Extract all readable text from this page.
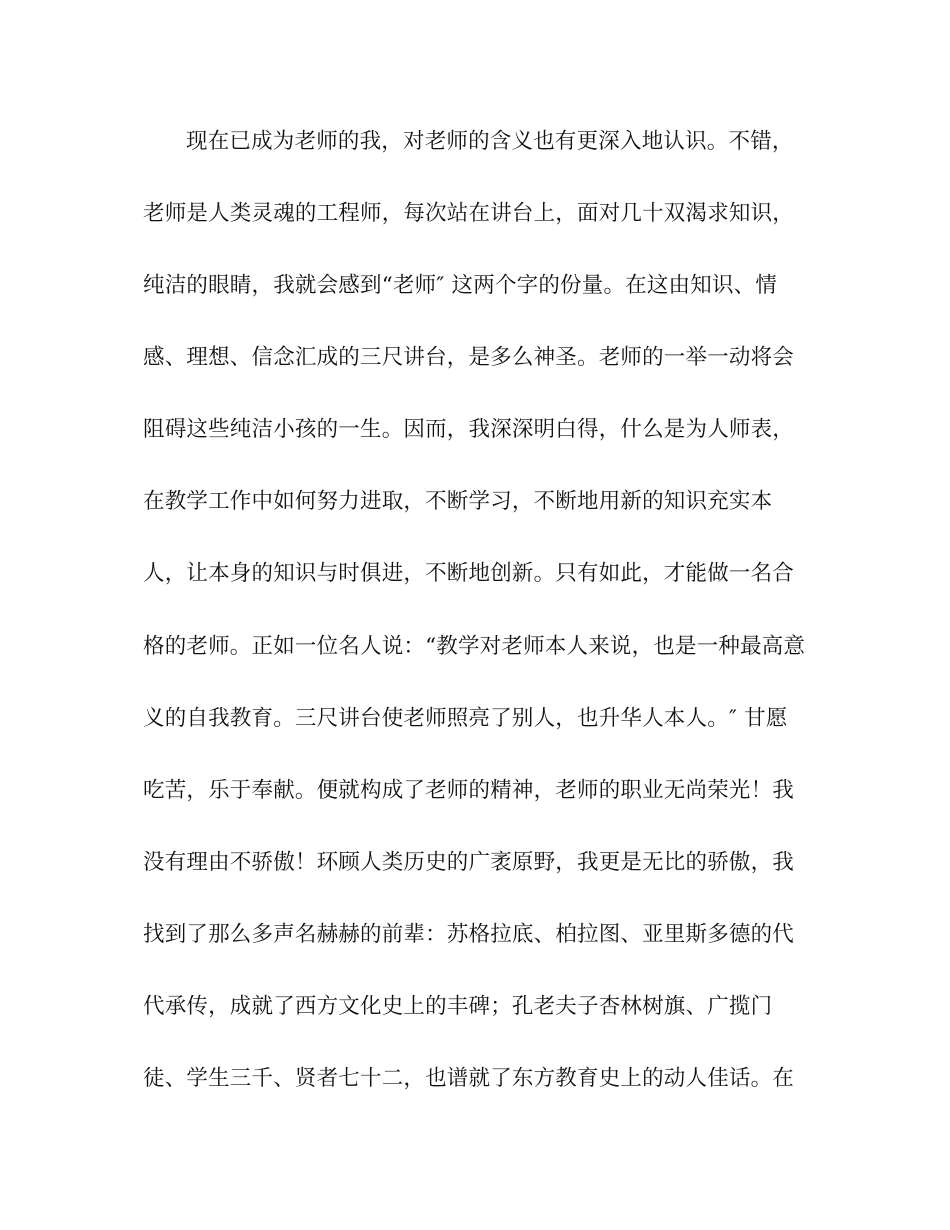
现在已成为老师的我，对老师的含义也有更深入地认识。不错，
老师是人类灵魂的工程师，每次站在讲台上，面对几十双渴求知识，
纯洁的眼睛，我就会感到“老师″ 这两个字的份量。在这由知识、情
感、理想、信念汇成的三尺讲台，是多么神圣。老师的一举一动将会
阻碍这些纯洁小孩的一生。因而，我深深明白得，什么是为人师表，
在教学工作中如何努力进取，不断学习，不断地用新的知识充实本
人，让本身的知识与时俱进，不断地创新。只有如此，才能做一名合
格的老师。正如一位名人说：“教学对老师本人来说，也是一种最高意
义的自我教育。三尺讲台使老师照亮了别人，也升华人本人。″ 甘愿
吃苦，乐于奉献。便就构成了老师的精神，老师的职业无尚荣光！我
没有理由不骄傲！环顾人类历史的广袤原野，我更是无比的骄傲，我
找到了那么多声名赫赫的前辈：苏格拉底、柏拉图、亚里斯多德的代
代承传，成就了西方文化史上的丰碑；孔老夫子杏林树旗、广揽门
徒、学生三千、贤者七十二，也谱就了东方教育史上的动人佳话。在
